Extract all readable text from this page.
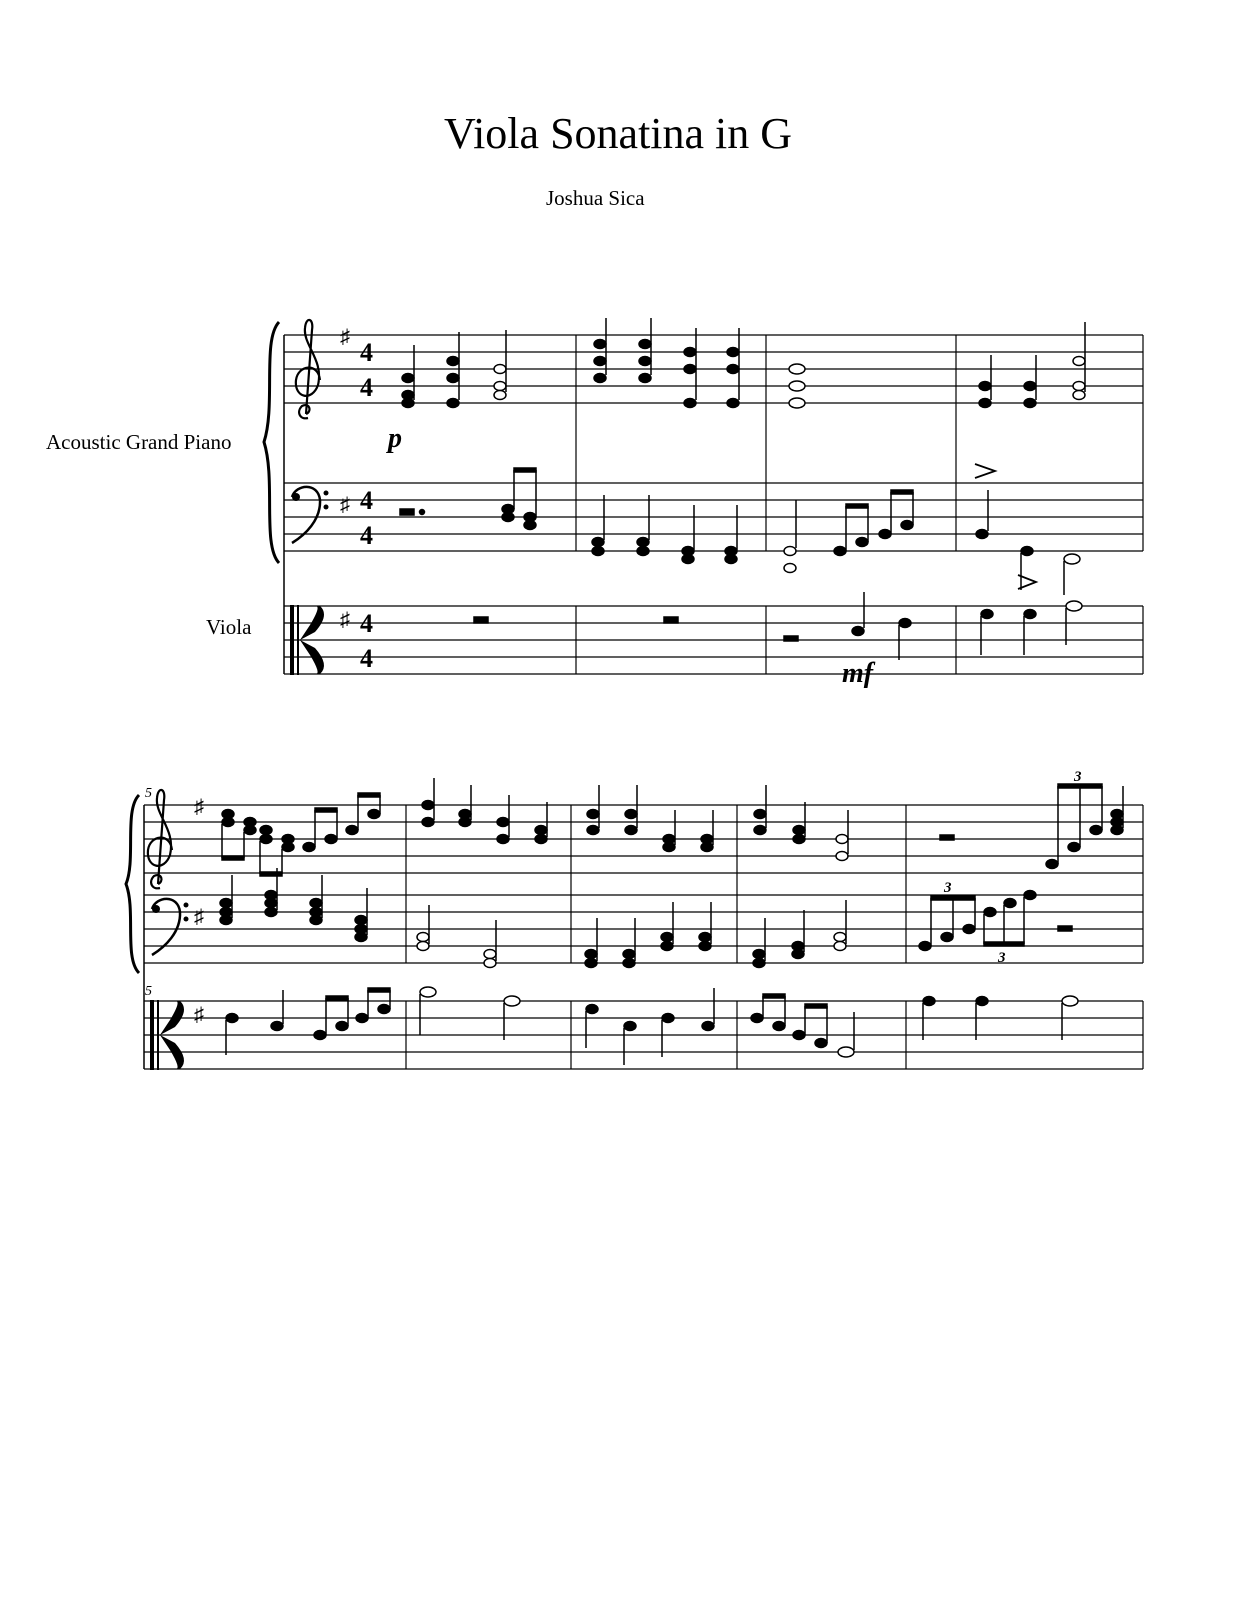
Viola Sonatina in G
Joshua Sica
Acoustic Grand Piano
Viola
♯
♯
♯
4
4
4
4
4
4
p
mf
5
5
♯
♯
♯
3
3
3
